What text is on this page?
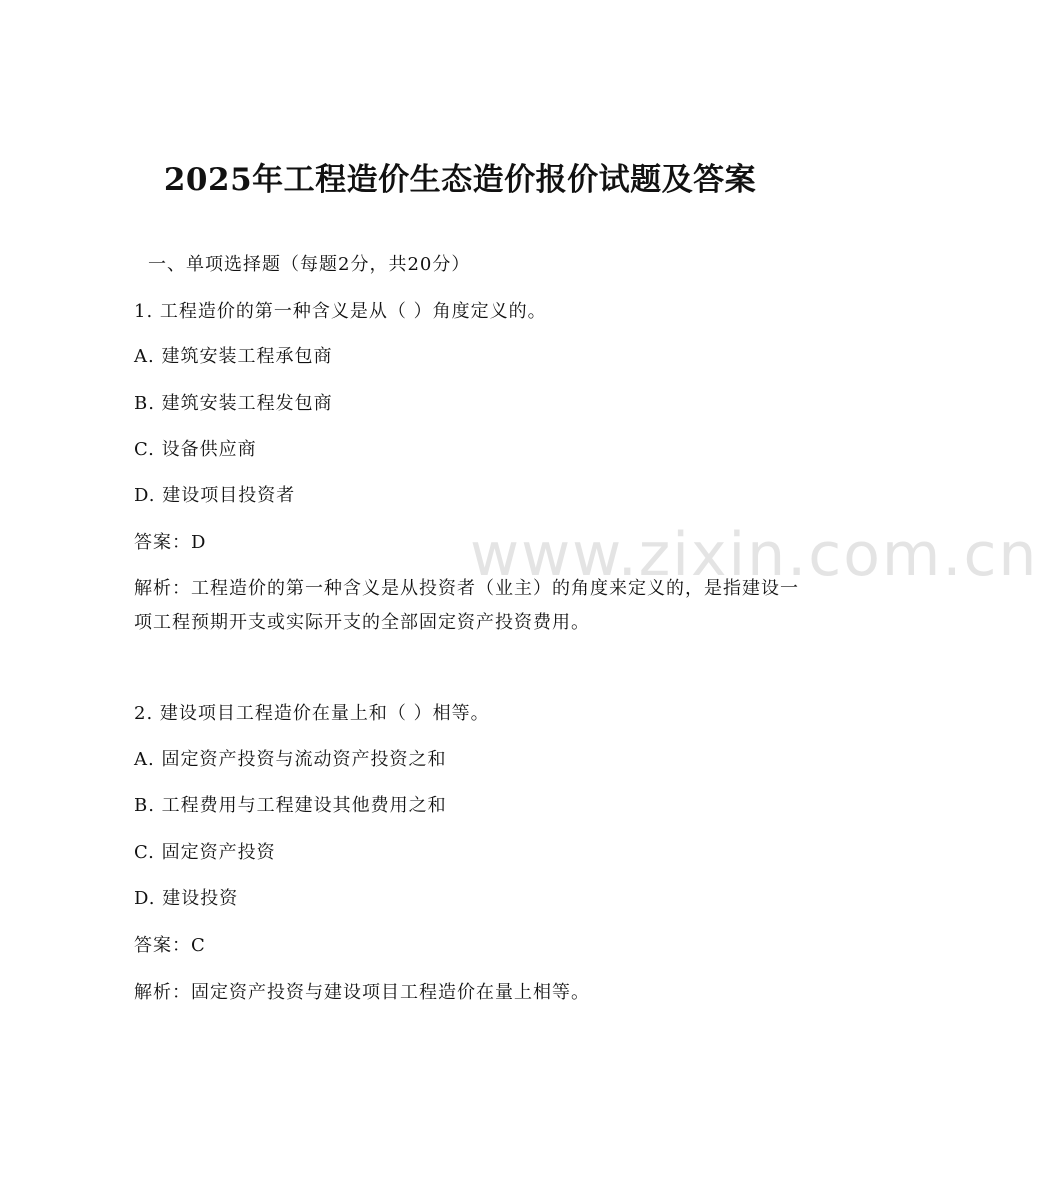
www.zixin.com.cn
2025年工程造价生态造价报价试题及答案
一、单项选择题（每题2分，共20分）
1. 工程造价的第一种含义是从（ ）角度定义的。
A. 建筑安装工程承包商
B. 建筑安装工程发包商
C. 设备供应商
D. 建设项目投资者
答案：D
解析：工程造价的第一种含义是从投资者（业主）的角度来定义的，是指建设一项工程预期开支或实际开支的全部固定资产投资费用。
2. 建设项目工程造价在量上和（ ）相等。
A. 固定资产投资与流动资产投资之和
B. 工程费用与工程建设其他费用之和
C. 固定资产投资
D. 建设投资
答案：C
解析：固定资产投资与建设项目工程造价在量上相等。
